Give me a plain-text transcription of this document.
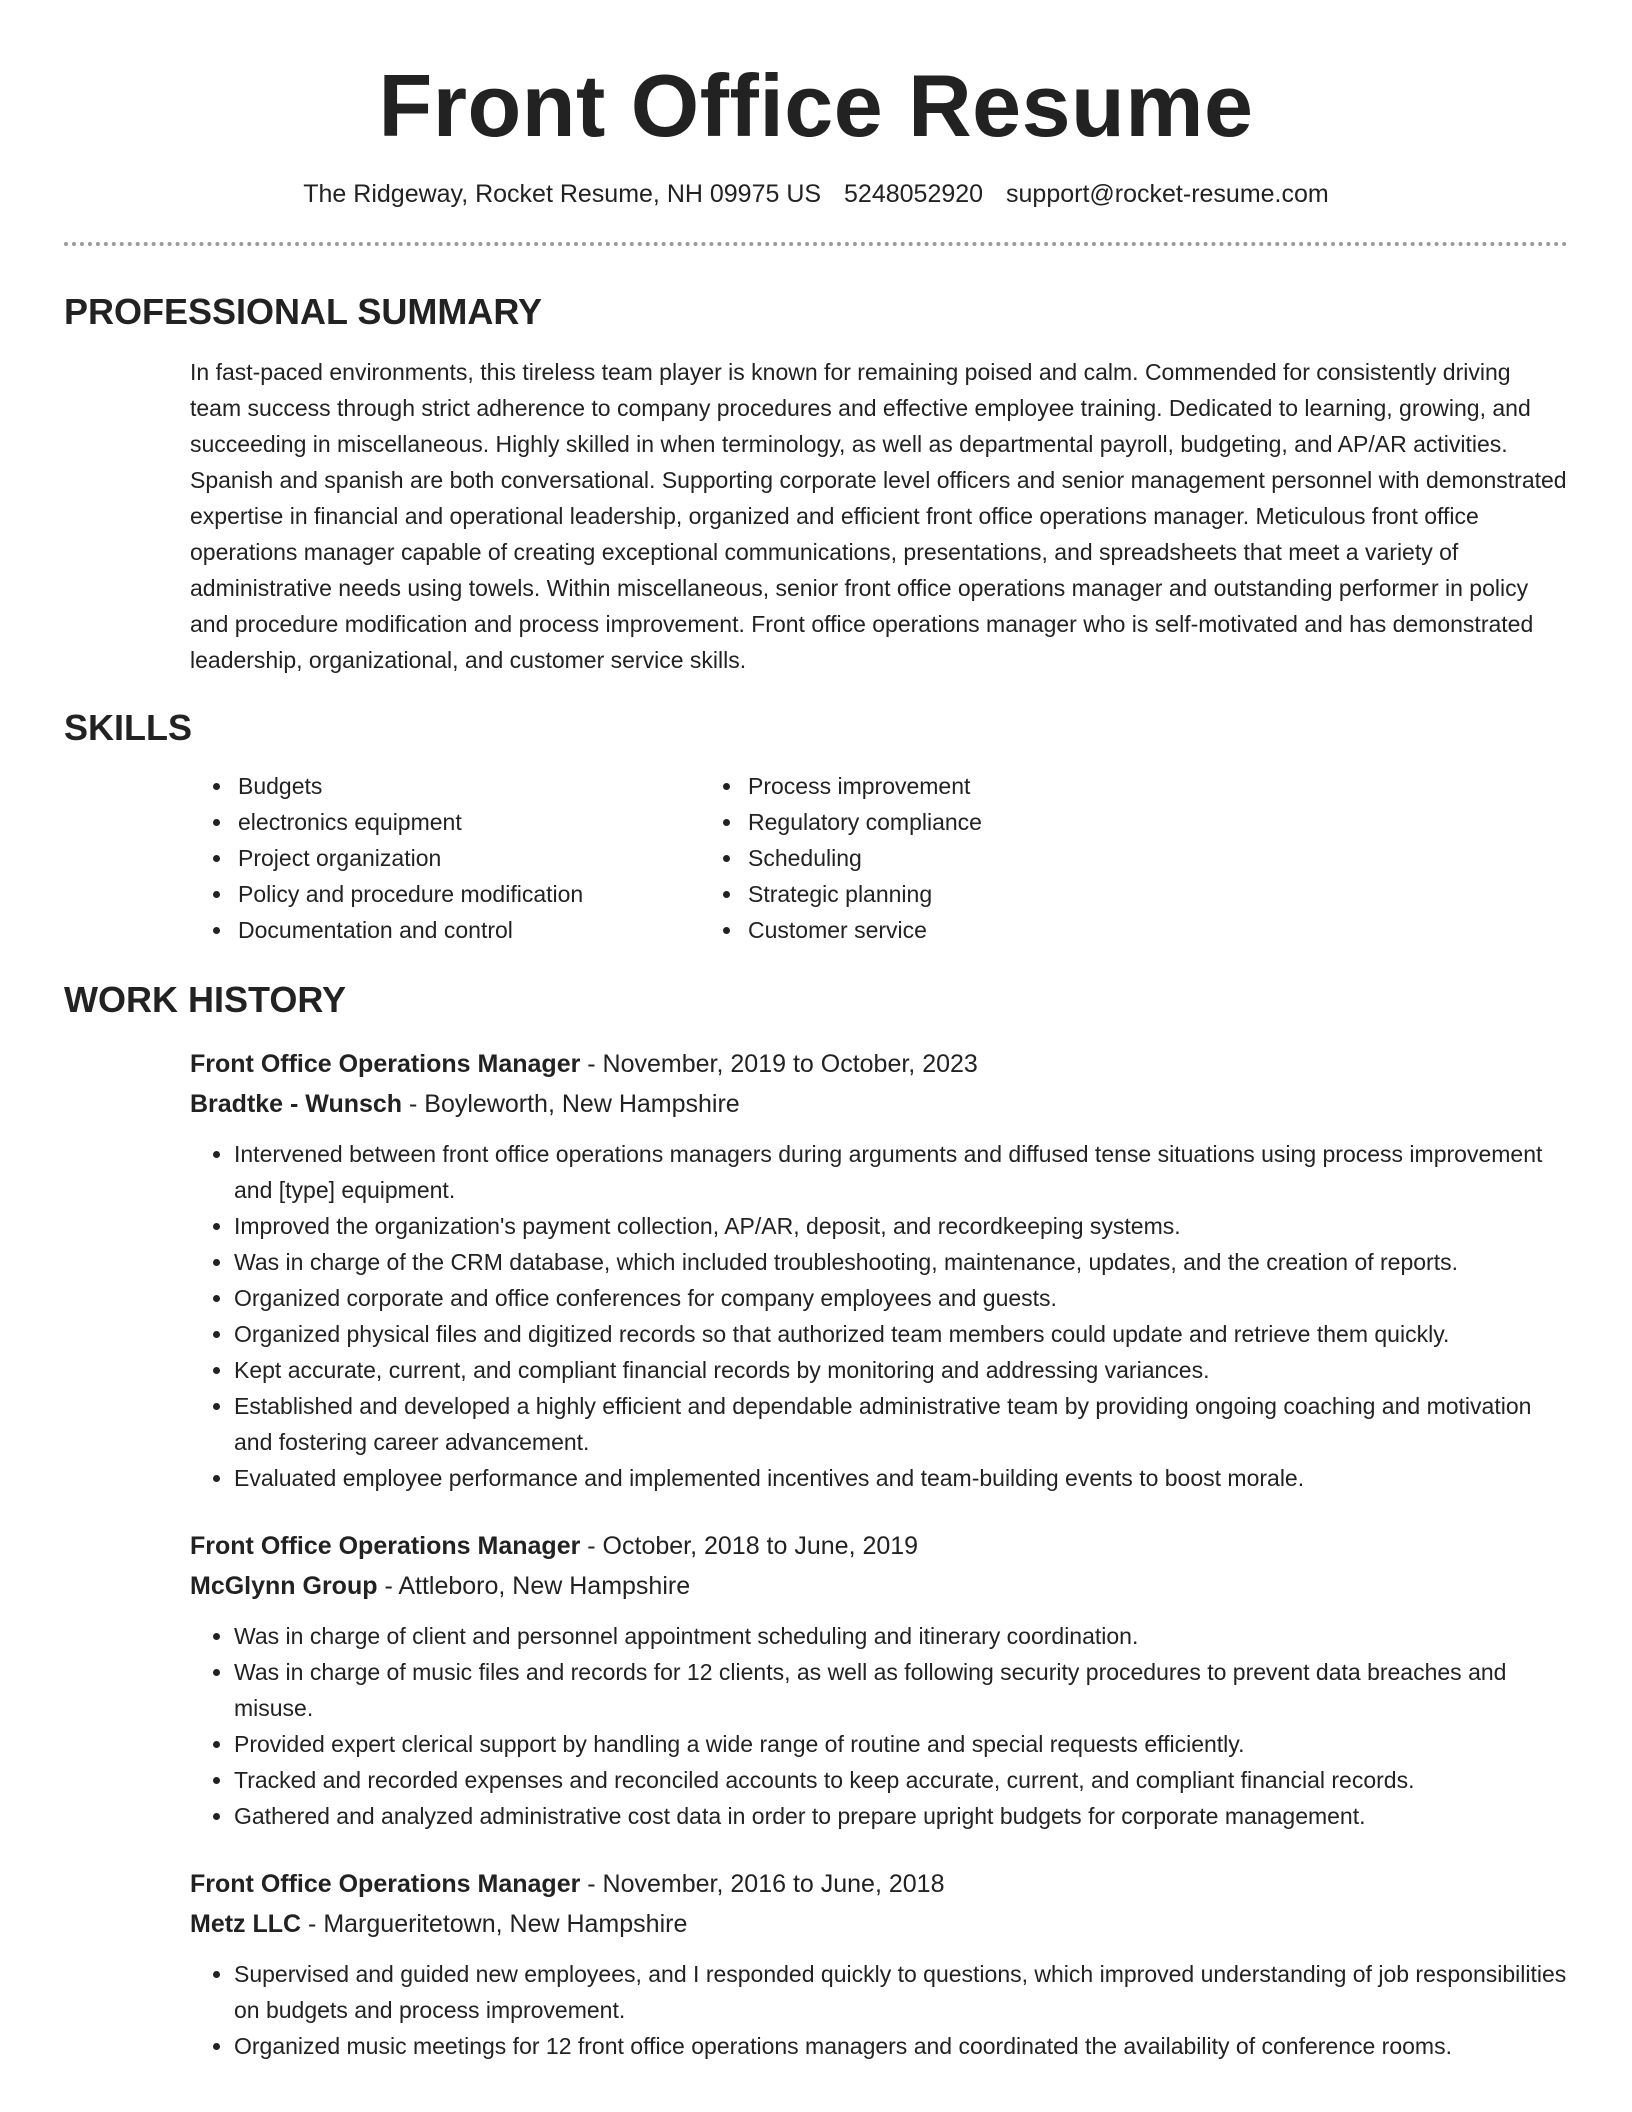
Front Office Resume
The Ridgeway, Rocket Resume, NH 09975 US 5248052920 support@rocket-resume.com
PROFESSIONAL SUMMARY

In fast-paced environments, this tireless team player is known for remaining poised and calm. Commended for consistently driving team success through strict adherence to company procedures and effective employee training. Dedicated to learning, growing, and succeeding in miscellaneous. Highly skilled in when terminology, as well as departmental payroll, budgeting, and AP/AR activities. Spanish and spanish are both conversational. Supporting corporate level officers and senior management personnel with demonstrated expertise in financial and operational leadership, organized and efficient front office operations manager. Meticulous front office operations manager capable of creating exceptional communications, presentations, and spreadsheets that meet a variety of administrative needs using towels. Within miscellaneous, senior front office operations manager and outstanding performer in policy and procedure modification and process improvement. Front office operations manager who is self-motivated and has demonstrated leadership, organizational, and customer service skills.

SKILLS
• Budgets
• electronics equipment
• Project organization
• Policy and procedure modification
• Documentation and control
• Process improvement
• Regulatory compliance
• Scheduling
• Strategic planning
• Customer service
WORK HISTORY
Front Office Operations Manager - November, 2019 to October, 2023
Bradtke - Wunsch - Boyleworth, New Hampshire
• Intervened between front office operations managers during arguments and diffused tense situations using process improvement and [type] equipment.
• Improved the organization's payment collection, AP/AR, deposit, and recordkeeping systems.
• Was in charge of the CRM database, which included troubleshooting, maintenance, updates, and the creation of reports.
• Organized corporate and office conferences for company employees and guests.
• Organized physical files and digitized records so that authorized team members could update and retrieve them quickly.
• Kept accurate, current, and compliant financial records by monitoring and addressing variances.
• Established and developed a highly efficient and dependable administrative team by providing ongoing coaching and motivation and fostering career advancement.
• Evaluated employee performance and implemented incentives and team-building events to boost morale.
Front Office Operations Manager - October, 2018 to June, 2019
McGlynn Group - Attleboro, New Hampshire
• Was in charge of client and personnel appointment scheduling and itinerary coordination.
• Was in charge of music files and records for 12 clients, as well as following security procedures to prevent data breaches and misuse.
• Provided expert clerical support by handling a wide range of routine and special requests efficiently.
• Tracked and recorded expenses and reconciled accounts to keep accurate, current, and compliant financial records.
• Gathered and analyzed administrative cost data in order to prepare upright budgets for corporate management.
Front Office Operations Manager - November, 2016 to June, 2018
Metz LLC - Margueritetown, New Hampshire
• Supervised and guided new employees, and I responded quickly to questions, which improved understanding of job responsibilities on budgets and process improvement.
• Organized music meetings for 12 front office operations managers and coordinated the availability of conference rooms.
